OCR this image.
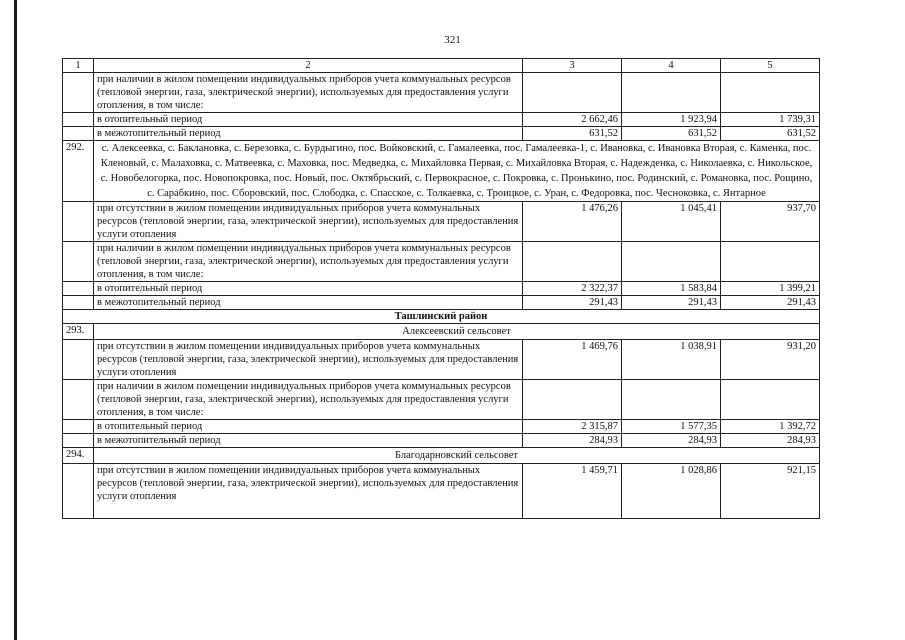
321
1	2	3	4	5
	при наличии в жилом помещении индивидуальных приборов учета коммунальных ресурсов (тепловой энергии, газа, электрической энергии), используемых для предоставления услуги отопления, в том числе:			
	в отопительный период	2 662,46	1 923,94	1 739,31
	в межотопительный период	631,52	631,52	631,52
292.	с. Алексеевка, с. Баклановка, с. Березовка, с. Бурдыгино, пос. Войковский, с. Гамалеевка, пос. Гамалеевка-1, с. Ивановка, с. Ивановка Вторая, с. Каменка, пос. Кленовый, с. Малаховка, с. Матвеевка, с. Маховка, пос. Медведка, с. Михайловка Первая, с. Михайловка Вторая, с. Надежденка, с. Николаевка, с. Никольское, с. Новобелогорка, пос. Новопокровка, пос. Новый, пос. Октябрьский, с. Первокрасное, с. Покровка, с. Пронькино, пос. Родинский, с. Романовка, пос. Рощино, с. Сарабкино, пос. Сборовский, пос. Слободка, с. Спасское, с. Толкаевка, с. Троицкое, с. Уран, с. Федоровка, пос. Чесноковка, с. Янтарное			
	при отсутствии в жилом помещении индивидуальных приборов учета коммунальных ресурсов (тепловой энергии, газа, электрической энергии), используемых для предоставления услуги отопления	1 476,26	1 045,41	937,70
	при наличии в жилом помещении индивидуальных приборов учета коммунальных ресурсов (тепловой энергии, газа, электрической энергии), используемых для предоставления услуги отопления, в том числе:			
	в отопительный период	2 322,37	1 583,84	1 399,21
	в межотопительный период	291,43	291,43	291,43
Ташлинский район				
293.	Алексеевский сельсовет			
	при отсутствии в жилом помещении индивидуальных приборов учета коммунальных ресурсов (тепловой энергии, газа, электрической энергии), используемых для предоставления услуги отопления	1 469,76	1 038,91	931,20
	при наличии в жилом помещении индивидуальных приборов учета коммунальных ресурсов (тепловой энергии, газа, электрической энергии), используемых для предоставления услуги отопления, в том числе:			
	в отопительный период	2 315,87	1 577,35	1 392,72
	в межотопительный период	284,93	284,93	284,93
294.	Благодарновский сельсовет			
	при отсутствии в жилом помещении индивидуальных приборов учета коммунальных ресурсов (тепловой энергии, газа, электрической энергии), используемых для предоставления услуги отопления	1 459,71	1 028,86	921,15
